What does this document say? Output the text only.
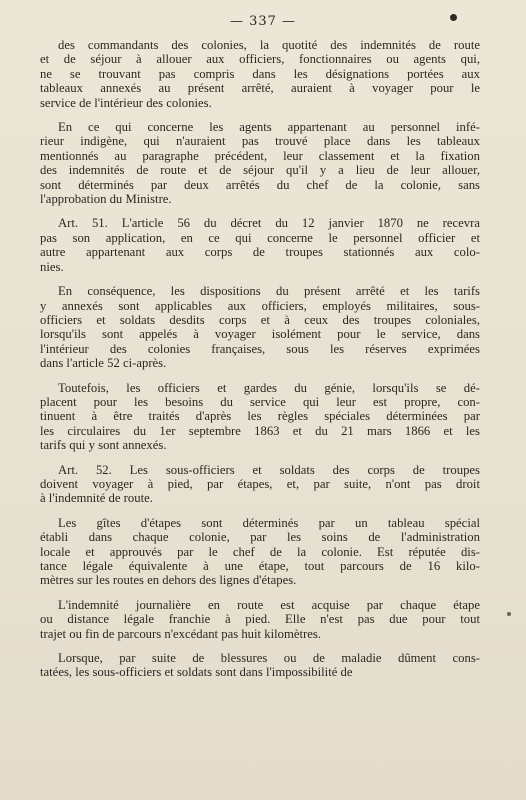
— 337 —
des commandants des colonies, la quotité des indemnités de route
et de séjour à allouer aux officiers, fonctionnaires ou agents qui,
ne se trouvant pas compris dans les désignations portées aux
tableaux annexés au présent arrêté, auraient à voyager pour le
service de l'intérieur des colonies.
En ce qui concerne les agents appartenant au personnel infé-
rieur indigène, qui n'auraient pas trouvé place dans les tableaux
mentionnés au paragraphe précédent, leur classement et la fixation
des indemnités de route et de séjour qu'il y a lieu de leur allouer,
sont déterminés par deux arrêtés du chef de la colonie, sans
l'approbation du Ministre.
Art. 51. L'article 56 du décret du 12 janvier 1870 ne recevra
pas son application, en ce qui concerne le personnel officier et
autre appartenant aux corps de troupes stationnés aux colo-
nies.
En conséquence, les dispositions du présent arrêté et les tarifs
y annexés sont applicables aux officiers, employés militaires, sous-
officiers et soldats desdits corps et à ceux des troupes coloniales,
lorsqu'ils sont appelés à voyager isolément pour le service, dans
l'intérieur des colonies françaises, sous les réserves exprimées
dans l'article 52 ci-après.
Toutefois, les officiers et gardes du génie, lorsqu'ils se dé-
placent pour les besoins du service qui leur est propre, con-
tinuent à être traités d'après les règles spéciales déterminées par
les circulaires du 1er septembre 1863 et du 21 mars 1866 et les
tarifs qui y sont annexés.
Art. 52. Les sous-officiers et soldats des corps de troupes
doivent voyager à pied, par étapes, et, par suite, n'ont pas droit
à l'indemnité de route.
Les gîtes d'étapes sont déterminés par un tableau spécial
établi dans chaque colonie, par les soins de l'administration
locale et approuvés par le chef de la colonie. Est réputée dis-
tance légale équivalente à une étape, tout parcours de 16 kilo-
mètres sur les routes en dehors des lignes d'étapes.
L'indemnité journalière en route est acquise par chaque étape
ou distance légale franchie à pied. Elle n'est pas due pour tout
trajet ou fin de parcours n'excédant pas huit kilomètres.
Lorsque, par suite de blessures ou de maladie dûment cons-
tatées, les sous-officiers et soldats sont dans l'impossibilité de
